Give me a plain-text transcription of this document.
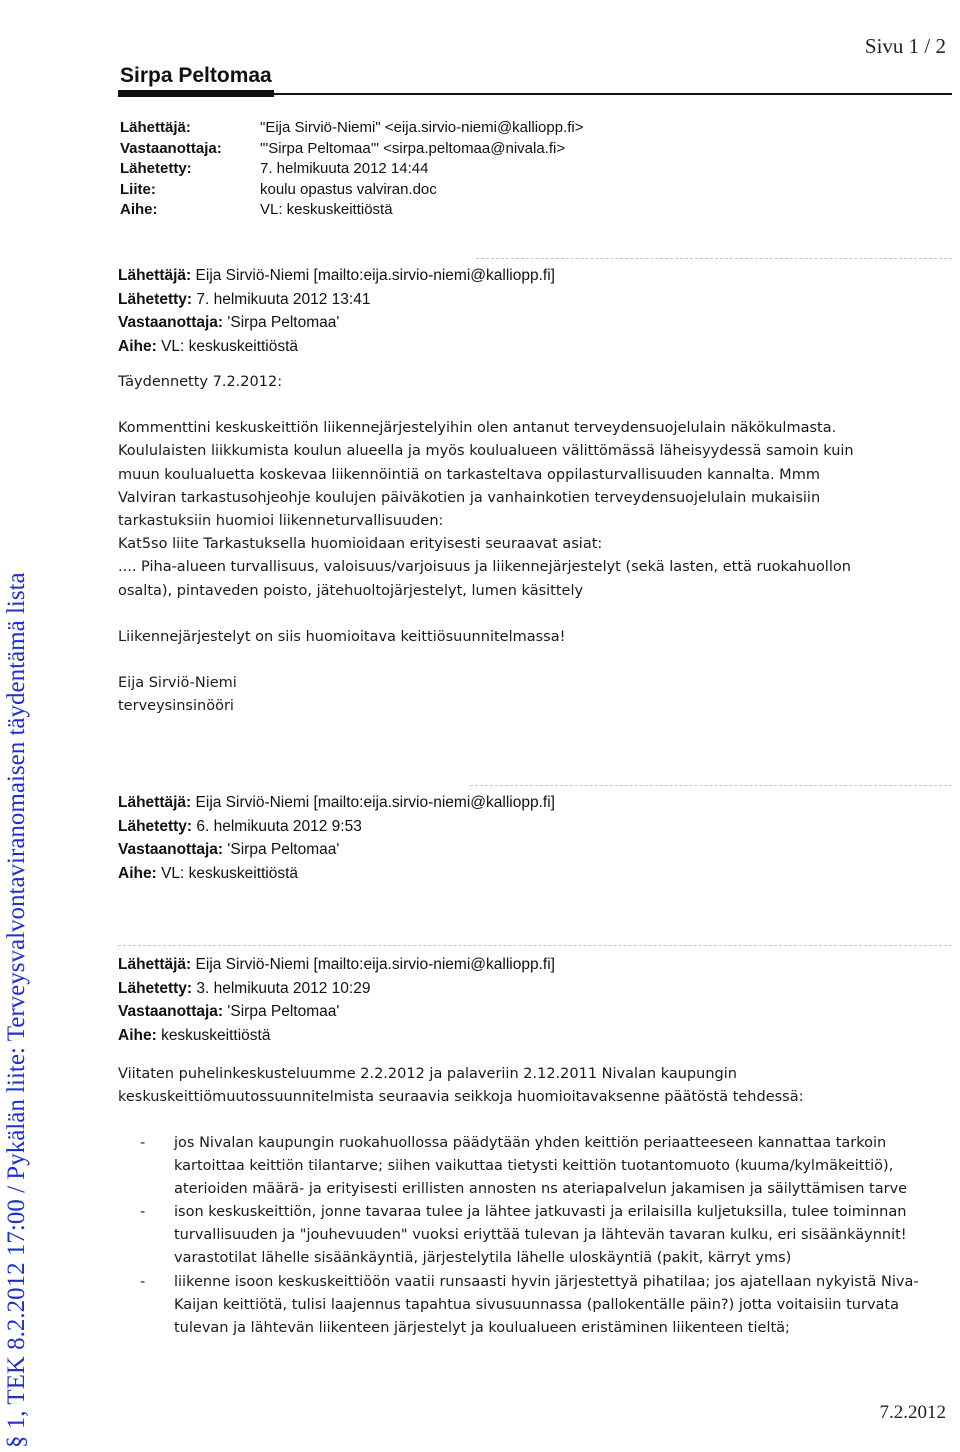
§ 1, TEK 8.2.2012 17:00 / Pykälän liite: Terveysvalvontaviranomaisen täydentämä lista
Sivu 1 / 2
Sirpa Peltomaa
Lähettäjä:	"Eija Sirviö-Niemi" <eija.sirvio-niemi@kalliopp.fi>
Vastaanottaja:	"'Sirpa Peltomaa'" <sirpa.peltomaa@nivala.fi>
Lähetetty:	7. helmikuuta 2012 14:44
Liite:	koulu opastus valviran.doc
Aihe:	VL: keskuskeittiöstä
Lähettäjä: Eija Sirviö-Niemi [mailto:eija.sirvio-niemi@kalliopp.fi]
Lähetetty: 7. helmikuuta 2012 13:41
Vastaanottaja: 'Sirpa Peltomaa'
Aihe: VL: keskuskeittiöstä

Täydennetty 7.2.2012:

Kommenttini keskuskeittiön liikennejärjestelyihin olen antanut terveydensuojelulain näkökulmasta.

Koululaisten liikkumista koulun alueella ja myös koulualueen välittömässä läheisyydessä samoin kuin

muun koulualuetta koskevaa liikennöintiä on tarkasteltava oppilasturvallisuuden kannalta. Mmm

Valviran tarkastusohjeohje koulujen päiväkotien ja vanhainkotien terveydensuojelulain mukaisiin

tarkastuksiin huomioi liikenneturvallisuuden:

Kat5so liite Tarkastuksella huomioidaan erityisesti seuraavat asiat:

.... Piha-alueen turvallisuus, valoisuus/varjoisuus ja liikennejärjestelyt (sekä lasten, että ruokahuollon

osalta), pintaveden poisto, jätehuoltojärjestelyt, lumen käsittely

Liikennejärjestelyt on siis huomioitava keittiösuunnitelmassa!

Eija Sirviö-Niemi

terveysinsinööri

Lähettäjä: Eija Sirviö-Niemi [mailto:eija.sirvio-niemi@kalliopp.fi]
Lähetetty: 6. helmikuuta 2012 9:53
Vastaanottaja: 'Sirpa Peltomaa'
Aihe: VL: keskuskeittiöstä
Lähettäjä: Eija Sirviö-Niemi [mailto:eija.sirvio-niemi@kalliopp.fi]
Lähetetty: 3. helmikuuta 2012 10:29
Vastaanottaja: 'Sirpa Peltomaa'
Aihe: keskuskeittiöstä

Viitaten puhelinkeskusteluumme 2.2.2012 ja palaveriin 2.12.2011 Nivalan kaupungin

keskuskeittiömuutossuunnitelmista seuraavia seikkoja huomioitavaksenne päätöstä tehdessä:

- jos Nivalan kaupungin ruokahuollossa päädytään yhden keittiön periaatteeseen kannattaa tarkoin kartoittaa keittiön tilantarve; siihen vaikuttaa tietysti keittiön tuotantomuoto (kuuma/kylmäkeittiö), aterioiden määrä- ja erityisesti erillisten annosten ns ateriapalvelun jakamisen ja säilyttämisen tarve
- ison keskuskeittiön, jonne tavaraa tulee ja lähtee jatkuvasti ja erilaisilla kuljetuksilla, tulee toiminnan turvallisuuden ja "jouhevuuden" vuoksi eriyttää tulevan ja lähtevän tavaran kulku, eri sisäänkäynnit! varastotilat lähelle sisäänkäyntiä, järjestelytila lähelle uloskäyntiä (pakit, kärryt yms)
- liikenne isoon keskuskeittiöön vaatii runsaasti hyvin järjestettyä pihatilaa; jos ajatellaan nykyistä Niva-Kaijan keittiötä, tulisi laajennus tapahtua sivusuunnassa (pallokentälle päin?) jotta voitaisiin turvata tulevan ja lähtevän liikenteen järjestelyt ja koulualueen eristäminen liikenteen tieltä;
7.2.2012
